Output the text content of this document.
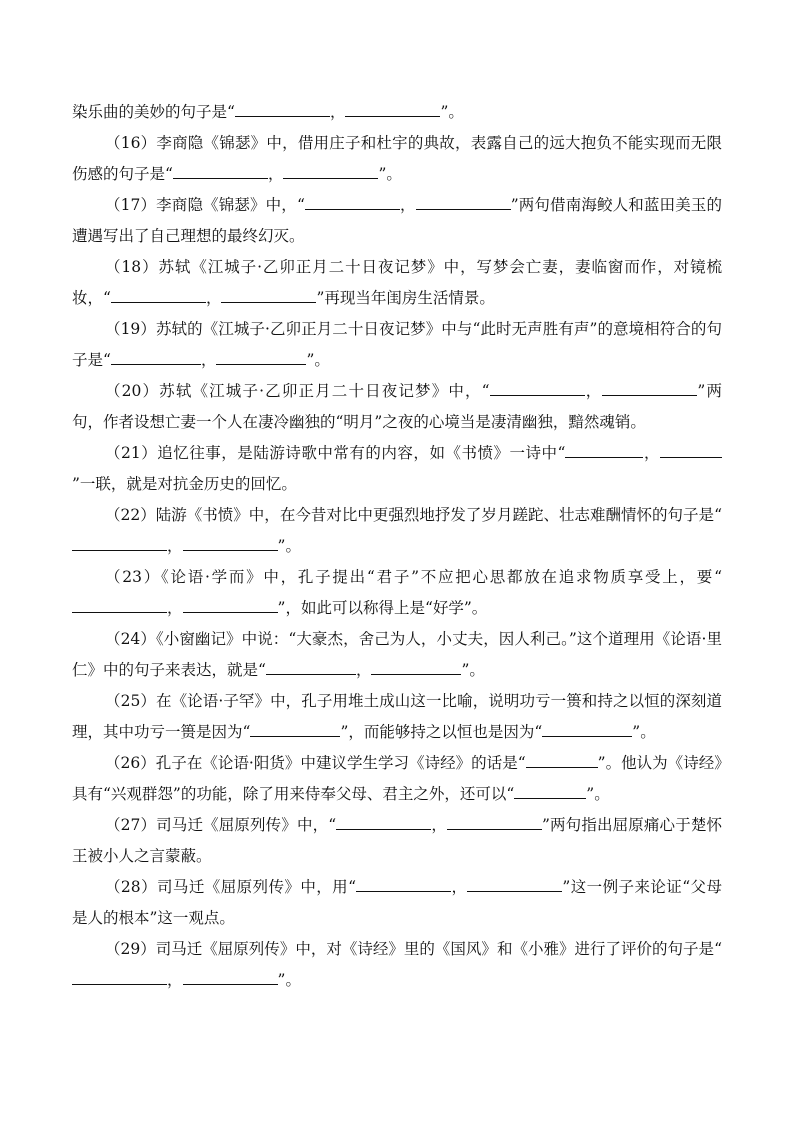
染乐曲的美妙的句子是“	，	”。

（16）李商隐《锦瑟》中，借用庄子和杜宇的典故，表露自己的远大抱负不能实现而无限伤感的句子是“	，	”。

（17）李商隐《锦瑟》中，“	，	”两句借南海鲛人和蓝田美玉的遭遇写出了自己理想的最终幻灭。

（18）苏轼《江城子·乙卯正月二十日夜记梦》中，写梦会亡妻，妻临窗而作，对镜梳妆，“	，	”再现当年闺房生活情景。

（19）苏轼的《江城子·乙卯正月二十日夜记梦》中与“此时无声胜有声”的意境相符合的句子是“	，	”。

（20）苏轼《江城子·乙卯正月二十日夜记梦》中，“	，	”两句，作者设想亡妻一个人在凄冷幽独的“明月”之夜的心境当是凄清幽独，黯然魂销。

（21）追忆往事，是陆游诗歌中常有的内容，如《书愤》一诗中“	，”一联，就是对抗金历史的回忆。

（22）陆游《书愤》中，在今昔对比中更强烈地抒发了岁月蹉跎、壮志难酬情怀的句子是“，	”。

（23）《论语·学而》中，孔子提出“君子”不应把心思都放在追求物质享受上，要“，	”，如此可以称得上是“好学”。

（24）《小窗幽记》中说：“大豪杰，舍己为人，小丈夫，因人利己。”这个道理用《论语·里仁》中的句子来表达，就是“	，	”。

（25）在《论语·子罕》中，孔子用堆土成山这一比喻，说明功亏一篑和持之以恒的深刻道理，其中功亏一篑是因为“	”，而能够持之以恒也是因为“	”。

（26）孔子在《论语·阳货》中建议学生学习《诗经》的话是“	”。他认为《诗经》具有“兴观群怨”的功能，除了用来侍奉父母、君主之外，还可以“	”。

（27）司马迁《屈原列传》中，“	，	”两句指出屈原痛心于楚怀王被小人之言蒙蔽。

（28）司马迁《屈原列传》中，用“	，	”这一例子来论证“父母是人的根本”这一观点。

（29）司马迁《屈原列传》中，对《诗经》里的《国风》和《小雅》进行了评价的句子是“，	”。
